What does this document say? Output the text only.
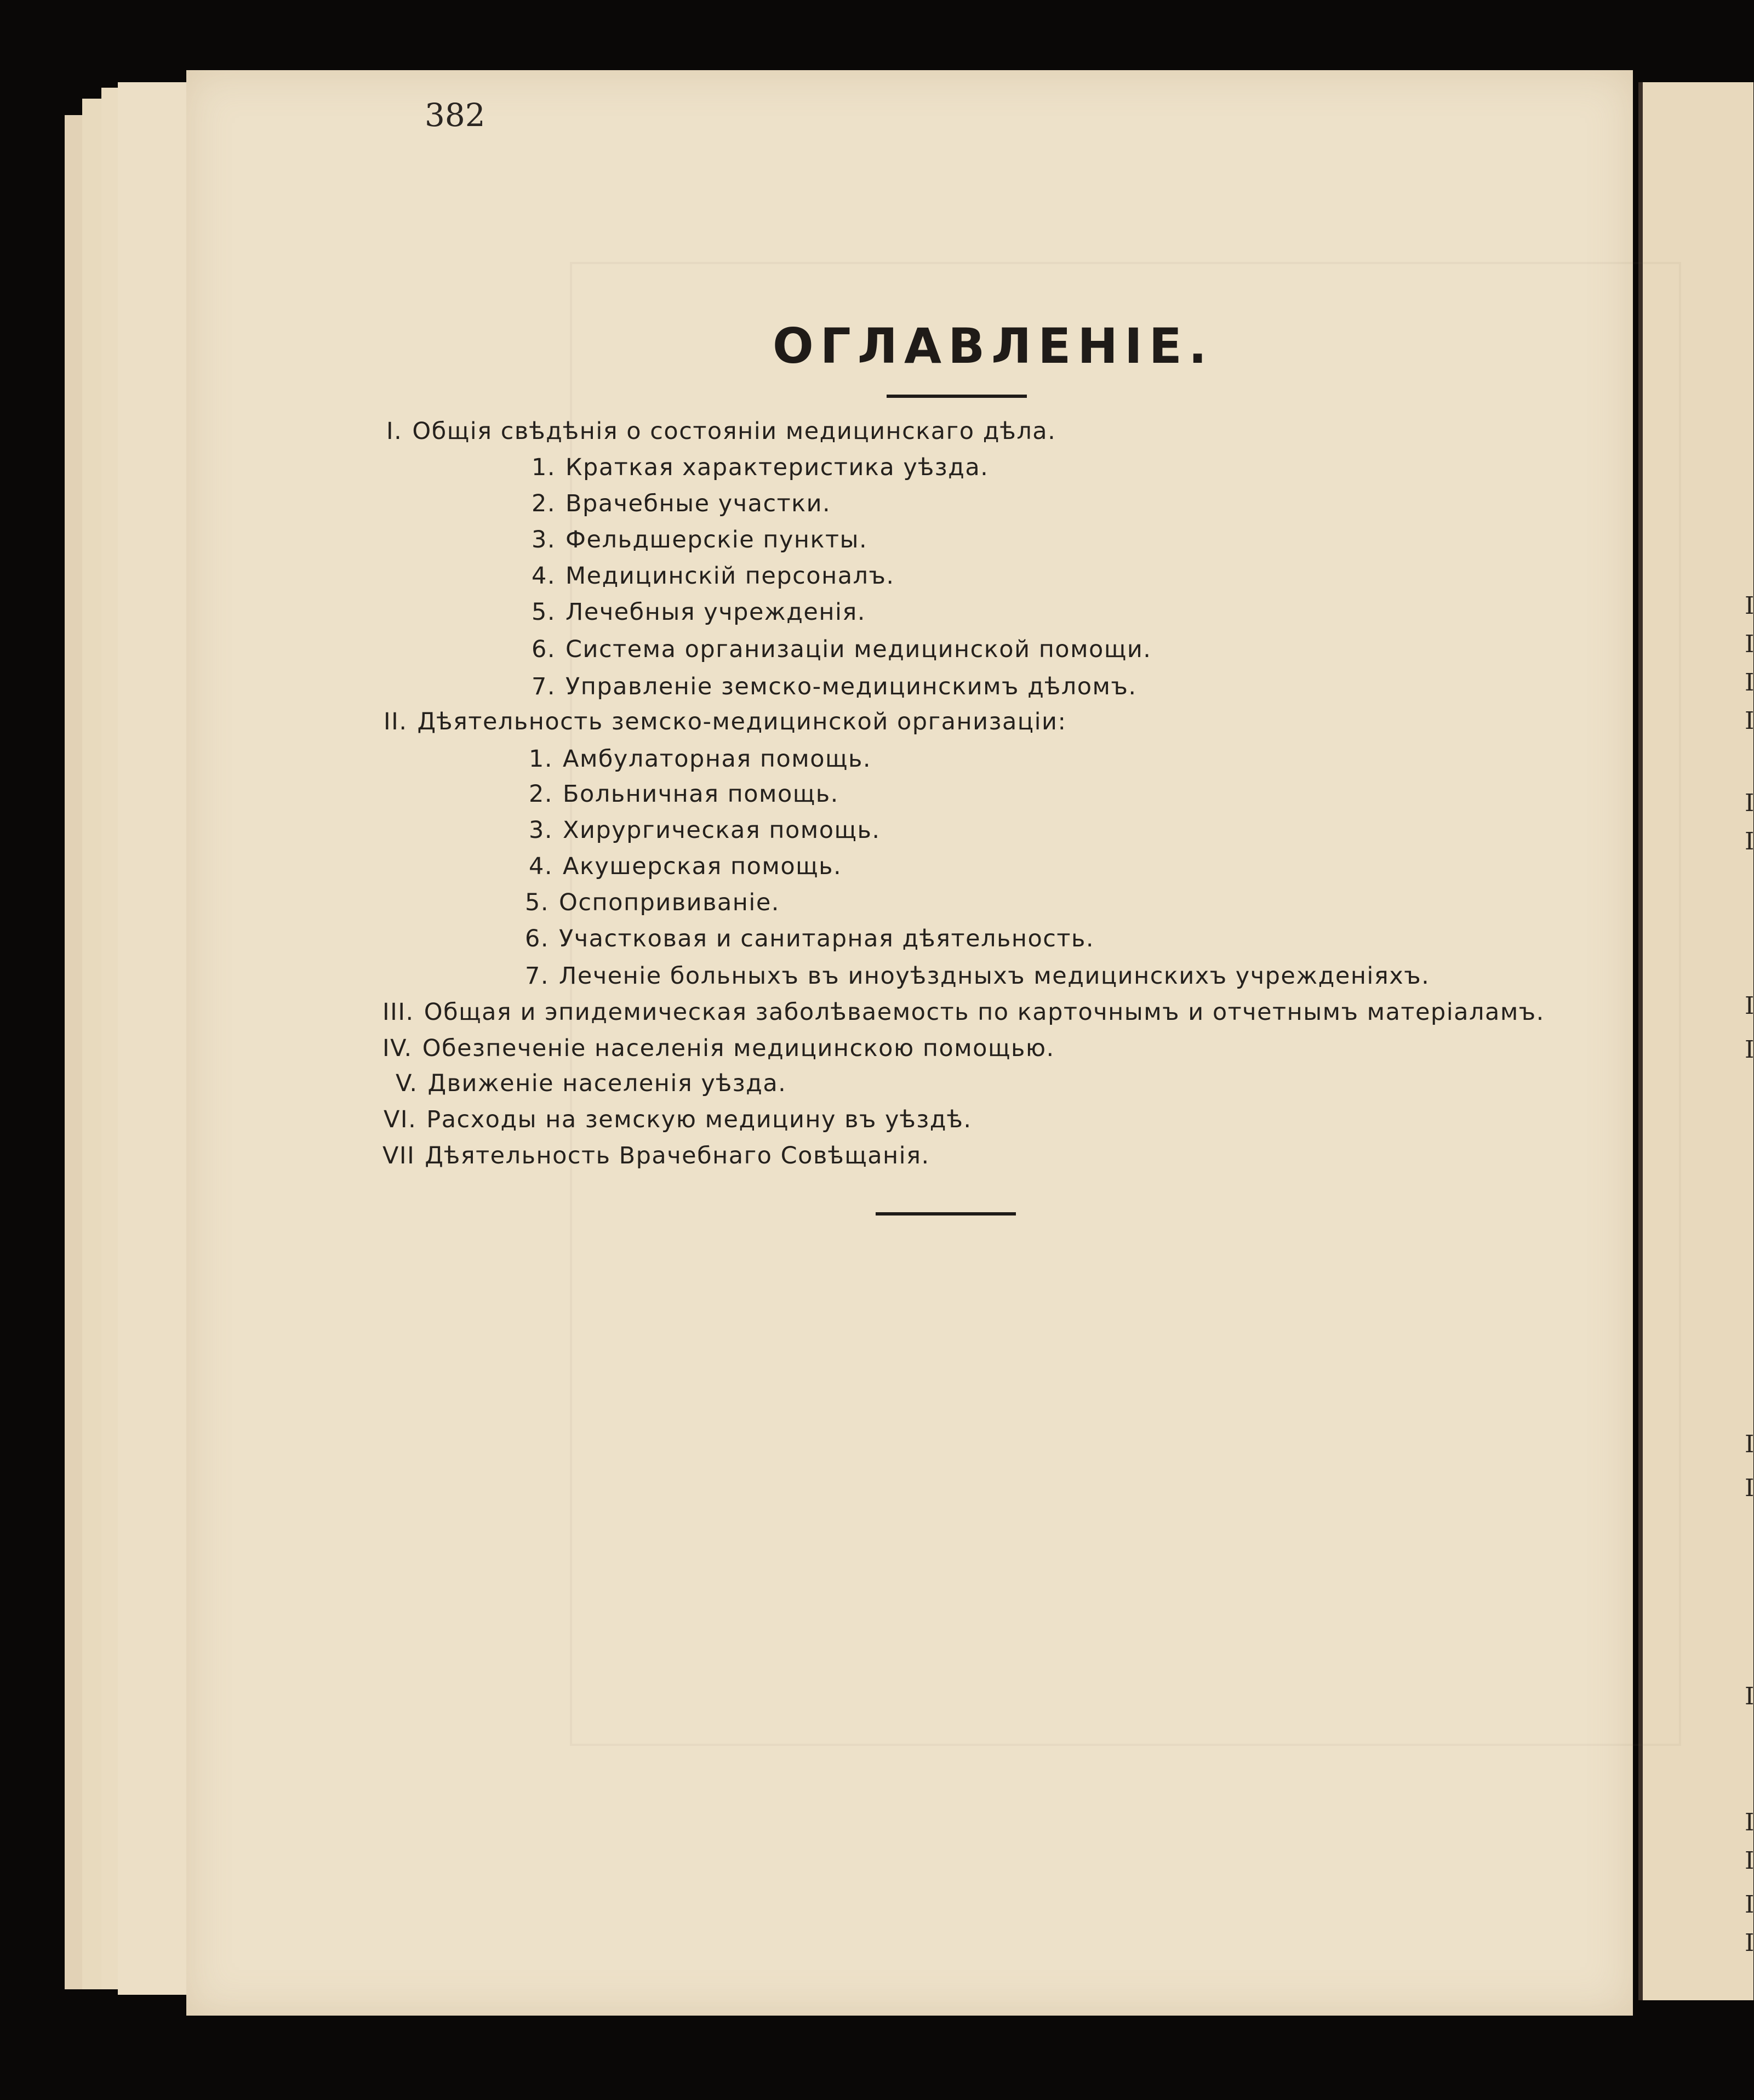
I
I
I
I
I
I
I
I
I
I
I
I
I
I
I
382
ОГЛАВЛЕНIЕ.
I. Общiя свѣдѣнiя о состоянiи медицинскаго дѣла.
1. Краткая характеристика уѣзда.
2. Врачебные участки.
3. Фельдшерскiе пункты.
4. Медицинскiй персоналъ.
5. Лечебныя учрежденiя.
6. Система организацiи медицинской помощи.
7. Управленiе земско-медицинскимъ дѣломъ.
II. Дѣятельность земско-медицинской организацiи:
1. Амбулаторная помощь.
2. Больничная помощь.
3. Хирургическая помощь.
4. Акушерская помощь.
5. Оспопрививанiе.
6. Участковая и санитарная дѣятельность.
7. Леченiе больныхъ въ иноуѣздныхъ медицинскихъ учрежденiяхъ.
III. Общая и эпидемическая заболѣваемость по карточнымъ и отчетнымъ матерiаламъ.
IV. Обезпеченiе населенiя медицинскою помощью.
V. Движенiе населенiя уѣзда.
VI. Расходы на земскую медицину въ уѣздѣ.
VII Дѣятельность Врачебнаго Совѣщанiя.
